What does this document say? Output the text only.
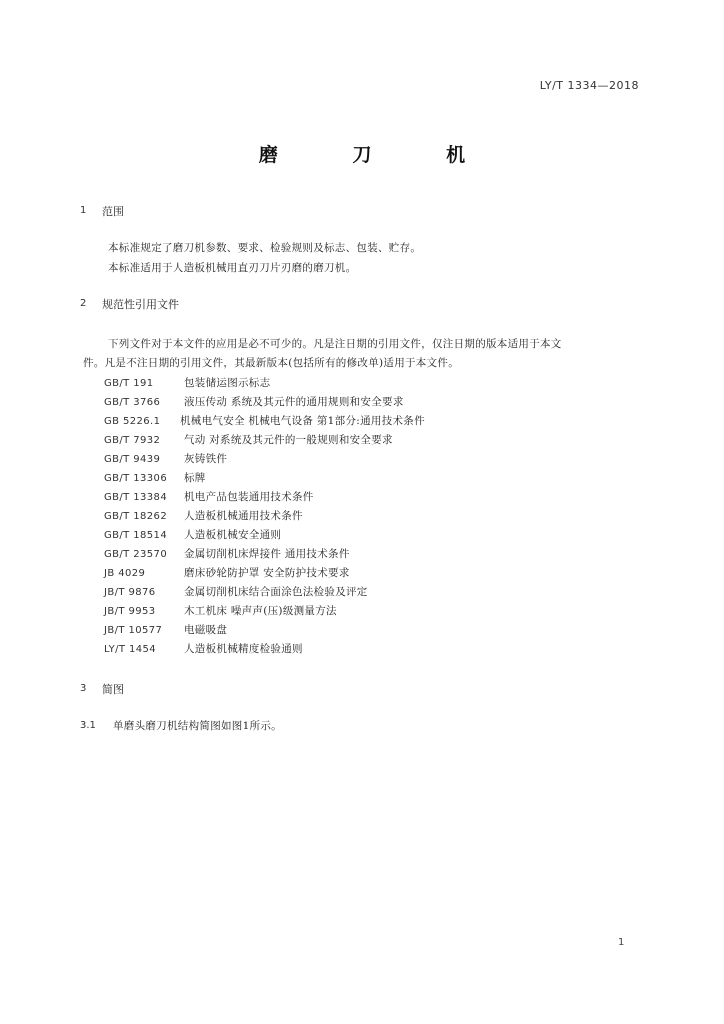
LY/T 1334—2018
磨 刀 机
1 范围
本标准规定了磨刀机参数、要求、检验规则及标志、包装、贮存。
本标准适用于人造板机械用直刃刀片刃磨的磨刀机。
2 规范性引用文件
下列文件对于本文件的应用是必不可少的。凡是注日期的引用文件，仅注日期的版本适用于本文
件。凡是不注日期的引用文件，其最新版本(包括所有的修改单)适用于本文件。
GB/T 191	包装储运图示标志
GB/T 3766 液压传动 系统及其元件的通用规则和安全要求
GB 5226.1 机械电气安全 机械电气设备 第1部分:通用技术条件
GB/T 7932 气动 对系统及其元件的一般规则和安全要求
GB/T 9439 灰铸铁件
GB/T 13306 标牌
GB/T 13384 机电产品包装通用技术条件
GB/T 18262 人造板机械通用技术条件
GB/T 18514 人造板机械安全通则
GB/T 23570 金属切削机床焊接件 通用技术条件
JB 4029	磨床砂轮防护罩 安全防护技术要求
JB/T 9876	金属切削机床结合面涂色法检验及评定
JB/T 9953	木工机床 噪声声(压)级测量方法
JB/T 10577 电磁吸盘
LY/T 1454	人造板机械精度检验通则
3 简图
3.1 单磨头磨刀机结构简图如图1所示。
1
